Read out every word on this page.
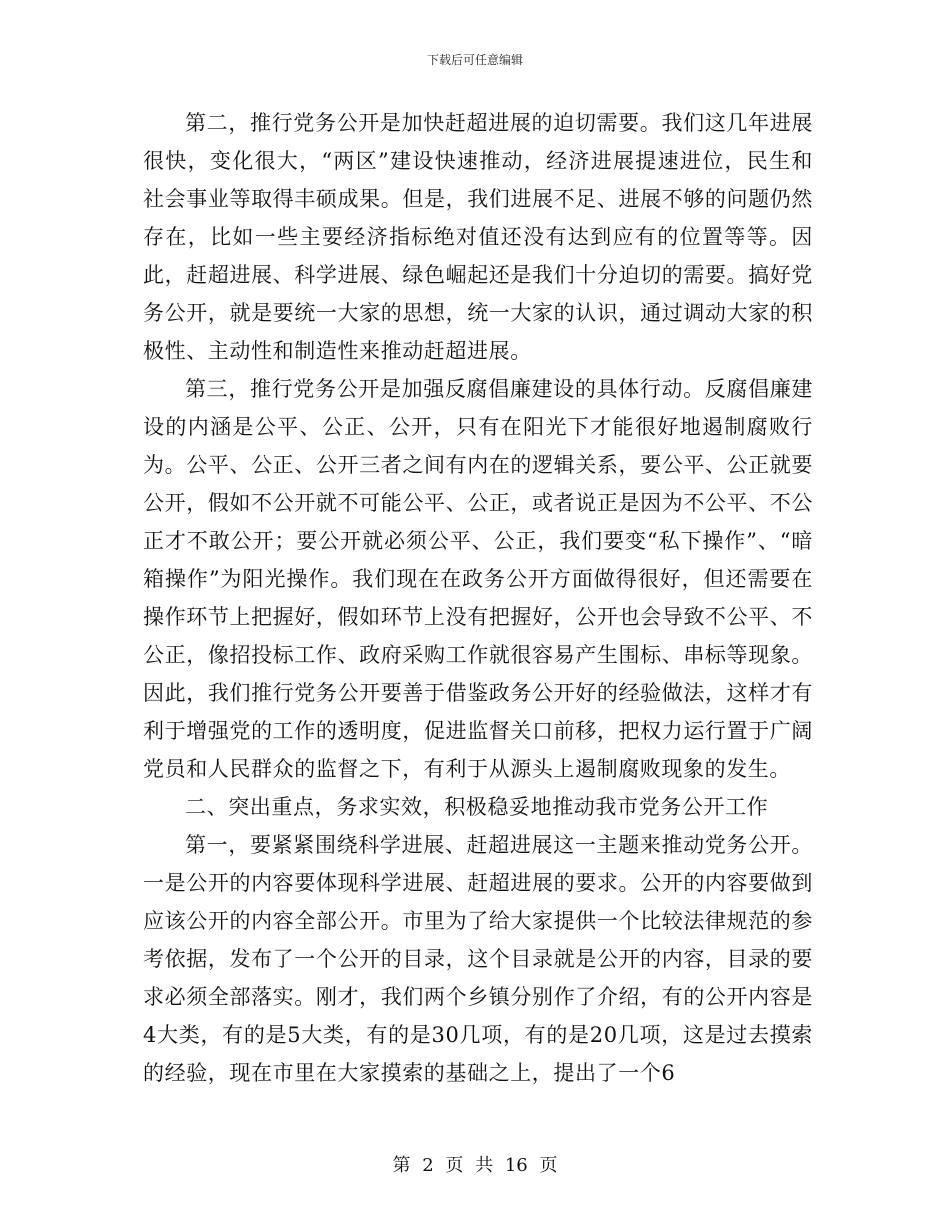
下载后可任意编辑

第二，推行党务公开是加快赶超进展的迫切需要。我们这几年进展很快，变化很大，“两区”建设快速推动，经济进展提速进位，民生和社会事业等取得丰硕成果。但是，我们进展不足、进展不够的问题仍然存在，比如一些主要经济指标绝对值还没有达到应有的位置等等。因此，赶超进展、科学进展、绿色崛起还是我们十分迫切的需要。搞好党务公开，就是要统一大家的思想，统一大家的认识，通过调动大家的积极性、主动性和制造性来推动赶超进展。

第三，推行党务公开是加强反腐倡廉建设的具体行动。反腐倡廉建设的内涵是公平、公正、公开，只有在阳光下才能很好地遏制腐败行为。公平、公正、公开三者之间有内在的逻辑关系，要公平、公正就要公开，假如不公开就不可能公平、公正，或者说正是因为不公平、不公正才不敢公开；要公开就必须公平、公正，我们要变“私下操作”、“暗箱操作”为阳光操作。我们现在在政务公开方面做得很好，但还需要在操作环节上把握好，假如环节上没有把握好，公开也会导致不公平、不公正，像招投标工作、政府采购工作就很容易产生围标、串标等现象。因此，我们推行党务公开要善于借鉴政务公开好的经验做法，这样才有利于增强党的工作的透明度，促进监督关口前移，把权力运行置于广阔党员和人民群众的监督之下，有利于从源头上遏制腐败现象的发生。

二、突出重点，务求实效，积极稳妥地推动我市党务公开工作

第一，要紧紧围绕科学进展、赶超进展这一主题来推动党务公开。一是公开的内容要体现科学进展、赶超进展的要求。公开的内容要做到应该公开的内容全部公开。市里为了给大家提供一个比较法律规范的参考依据，发布了一个公开的目录，这个目录就是公开的内容，目录的要求必须全部落实。刚才，我们两个乡镇分别作了介绍，有的公开内容是4大类，有的是5大类，有的是30几项，有的是20几项，这是过去摸索的经验，现在市里在大家摸索的基础之上，提出了一个6

第 2 页 共 16 页
